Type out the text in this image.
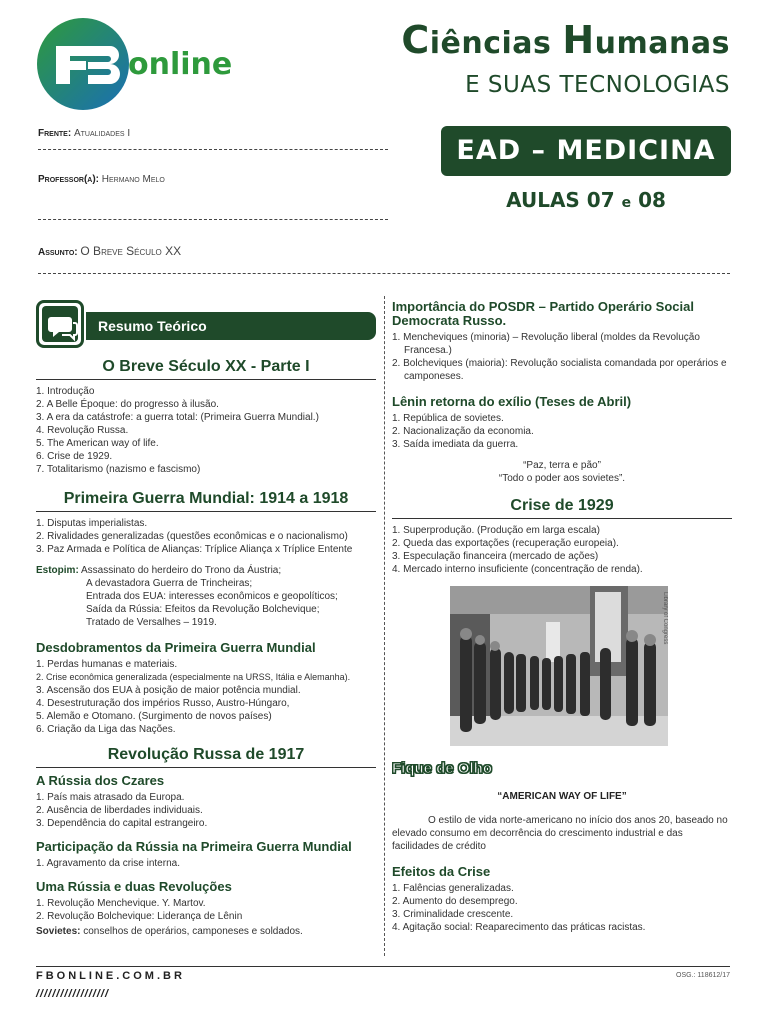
online
Ciências Humanas
E SUAS TECNOLOGIAS
Frente: Atualidades I
Professor(a): Hermano Melo
Assunto: O Breve Século XX
EAD – MEDICINA
AULAS 07 e 08
Resumo Teórico
O Breve Século XX - Parte I
1. Introdução
2. A Belle Époque: do progresso à ilusão.
3. A era da catástrofe: a guerra total: (Primeira Guerra Mundial.)
4. Revolução Russa.
5. The American way of life.
6. Crise de 1929.
7. Totalitarismo (nazismo e fascismo)
Primeira Guerra Mundial: 1914 a 1918
1. Disputas imperialistas.
2. Rivalidades generalizadas (questões econômicas e o nacionalismo)
3. Paz Armada e Política de Alianças: Tríplice Aliança x Tríplice Entente
Estopim: Assassinato do herdeiro do Trono da Áustria;
A devastadora Guerra de Trincheiras;
Entrada dos EUA: interesses econômicos e geopolíticos;
Saída da Rússia: Efeitos da Revolução Bolchevique;
Tratado de Versalhes – 1919.
Desdobramentos da Primeira Guerra Mundial
1. Perdas humanas e materiais.
2. Crise econômica generalizada (especialmente na URSS, Itália e Alemanha).
3. Ascensão dos EUA à posição de maior potência mundial.
4. Desestruturação dos impérios Russo, Austro-Húngaro,
5. Alemão e Otomano. (Surgimento de novos países)
6. Criação da Liga das Nações.
Revolução Russa de 1917
A Rússia dos Czares
1. País mais atrasado da Europa.
2. Ausência de liberdades individuais.
3. Dependência do capital estrangeiro.
Participação da Rússia na Primeira Guerra Mundial
1. Agravamento da crise interna.
Uma Rússia e duas Revoluções
1. Revolução Menchevique. Y. Martov.
2. Revolução Bolchevique: Liderança de Lênin
Sovietes: conselhos de operários, camponeses e soldados.
Importância do POSDR – Partido Operário Social Democrata Russo.
1. Mencheviques (minoria) – Revolução liberal (moldes da Revolução Francesa.)
2. Bolcheviques (maioria): Revolução socialista comandada por operários e camponeses.
Lênin retorna do exílio (Teses de Abril)
1. República de sovietes.
2. Nacionalização da economia.
3. Saída imediata da guerra.
“Paz, terra e pão”
“Todo o poder aos sovietes”.
Crise de 1929
1. Superprodução. (Produção em larga escala)
2. Queda das exportações (recuperação europeia).
3. Especulação financeira (mercado de ações)
4. Mercado interno insuficiente (concentração de renda).
Library of Congress
Fique de Olho
“AMERICAN WAY OF LIFE”
O estilo de vida norte-americano no início dos anos 20, baseado no elevado consumo em decorrência do crescimento industrial e das facilidades de crédito
Efeitos da Crise
1. Falências generalizadas.
2. Aumento do desemprego.
3. Criminalidade crescente.
4. Agitação social: Reaparecimento das práticas racistas.
FBONLINE.COM.BR
//////////////////
OSG.: 118612/17
